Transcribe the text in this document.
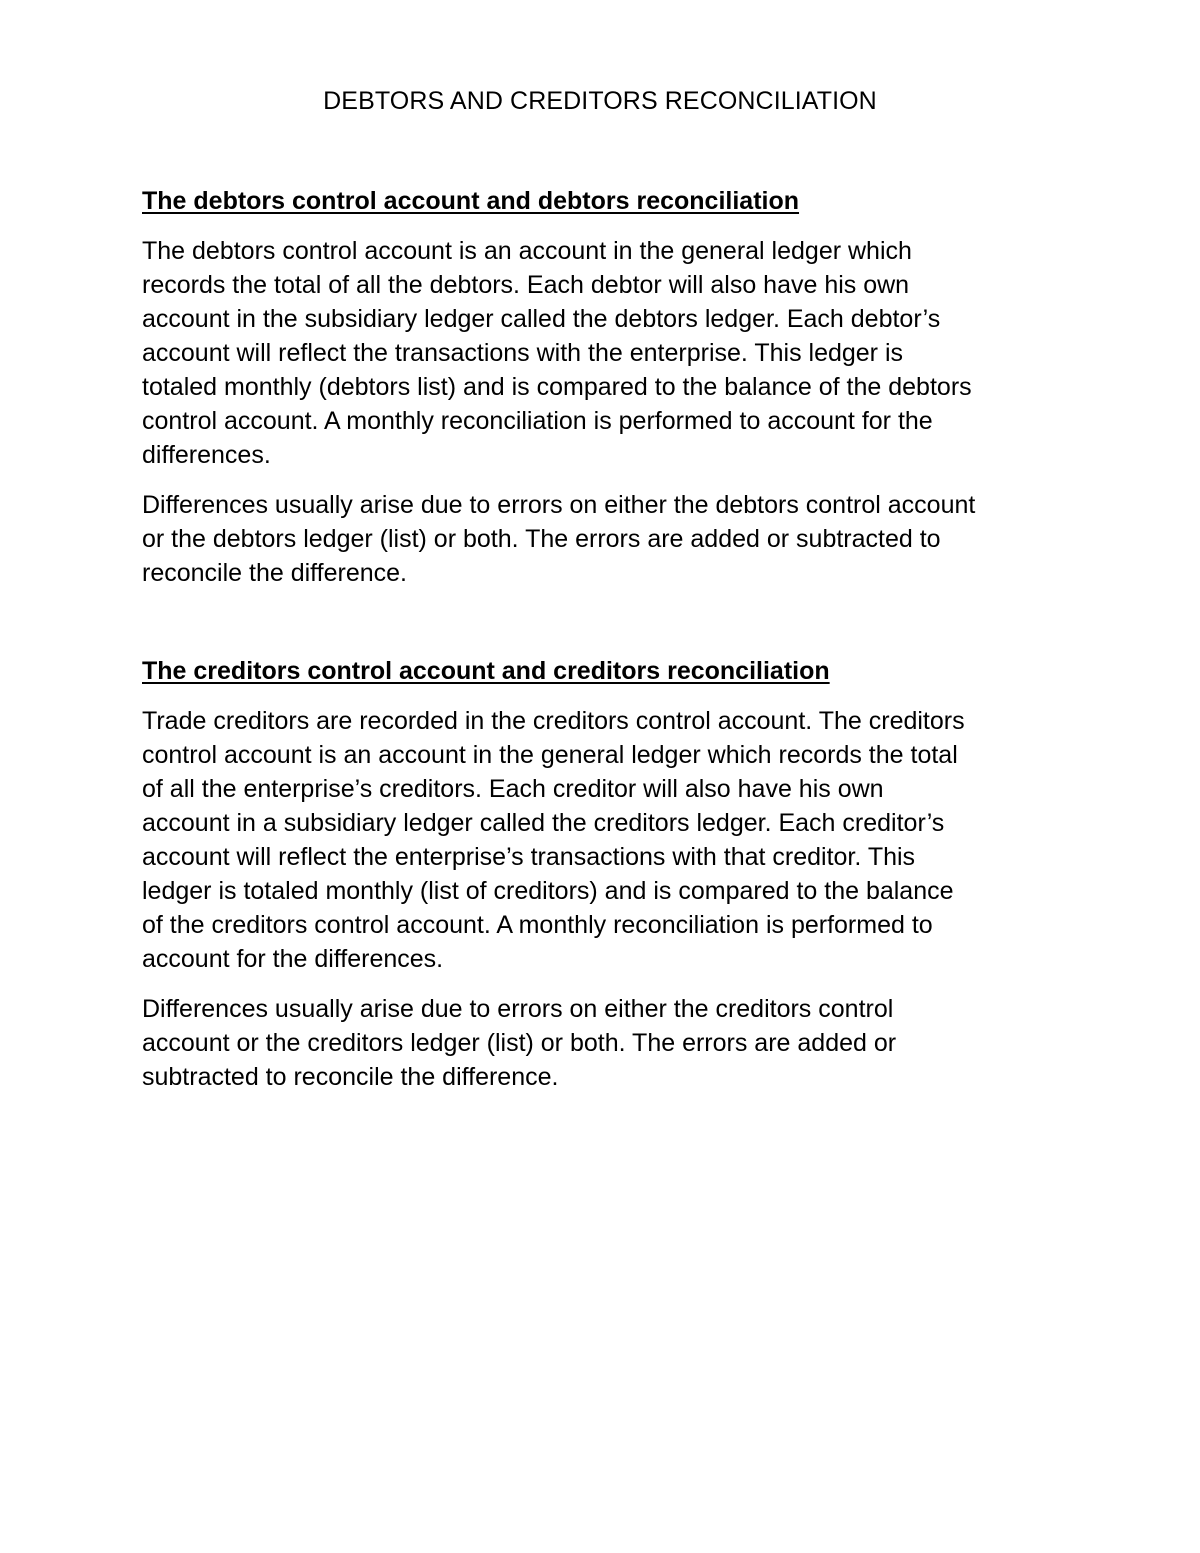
DEBTORS AND CREDITORS RECONCILIATION
The debtors control account and debtors reconciliation

The debtors control account is an account in the general ledger which
records the total of all the debtors. Each debtor will also have his own
account in the subsidiary ledger called the debtors ledger. Each debtor’s
account will reflect the transactions with the enterprise. This ledger is
totaled monthly (debtors list) and is compared to the balance of the debtors
control account. A monthly reconciliation is performed to account for the
differences.

Differences usually arise due to errors on either the debtors control account
or the debtors ledger (list) or both. The errors are added or subtracted to
reconcile the difference.

The creditors control account and creditors reconciliation

Trade creditors are recorded in the creditors control account. The creditors
control account is an account in the general ledger which records the total
of all the enterprise’s creditors. Each creditor will also have his own
account in a subsidiary ledger called the creditors ledger. Each creditor’s
account will reflect the enterprise’s transactions with that creditor. This
ledger is totaled monthly (list of creditors) and is compared to the balance
of the creditors control account. A monthly reconciliation is performed to
account for the differences.

Differences usually arise due to errors on either the creditors control
account or the creditors ledger (list) or both. The errors are added or
subtracted to reconcile the difference.
